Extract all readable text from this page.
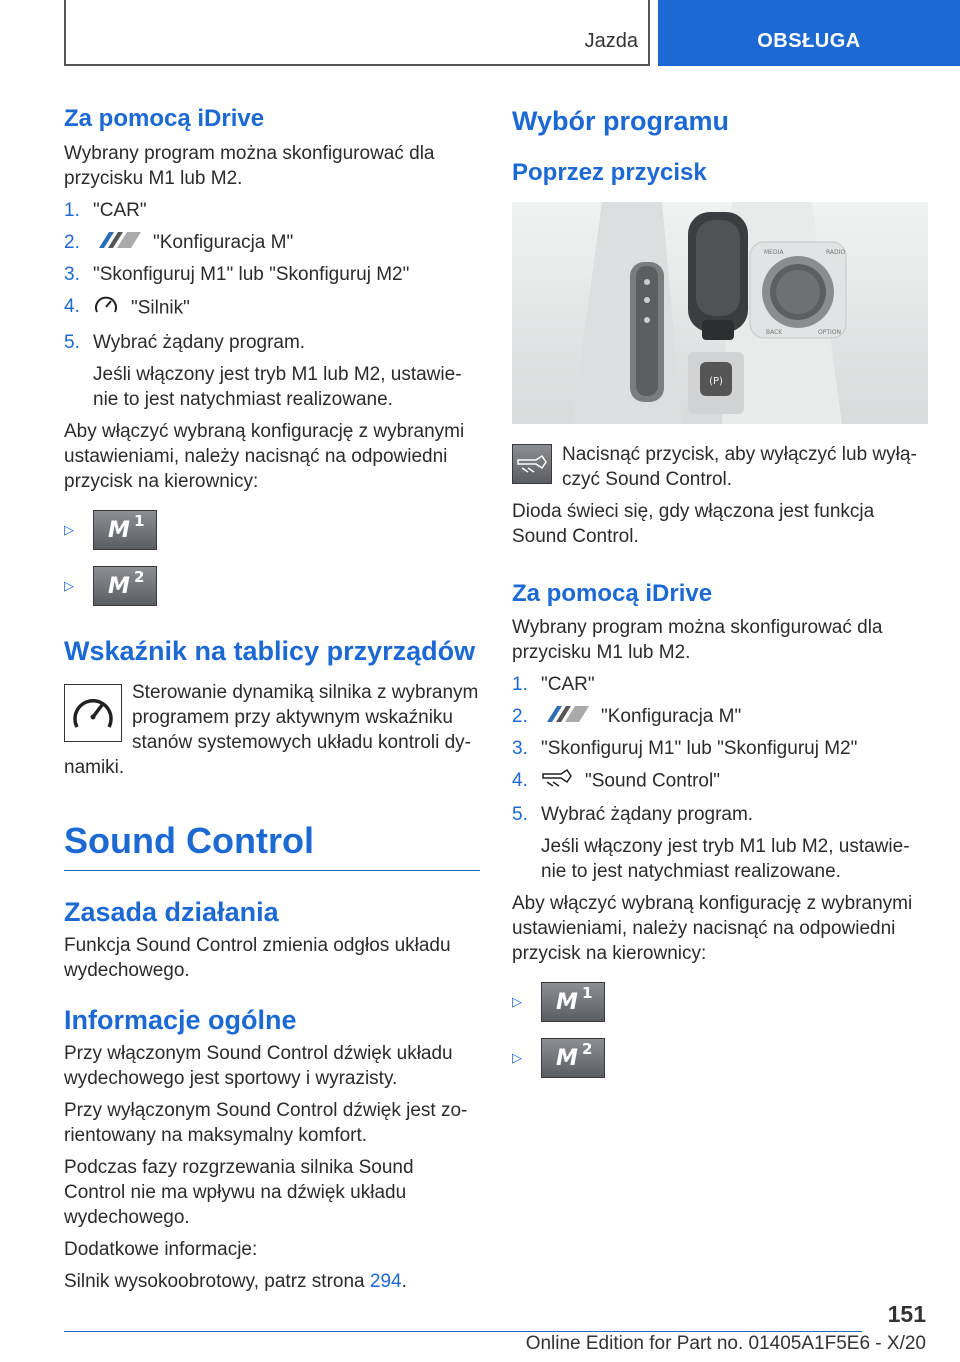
Jazda	OBSŁUGA
Za pomocą iDrive

Wybrany program można skonfigurować dla przycisku M1 lub M2.

1. "CAR"
2.	"Konfiguracja M"
3. "Skonfiguruj M1" lub "Skonfiguruj M2"
4.	"Silnik"
5. Wybrać żądany program.

Jeśli włączony jest tryb M1 lub M2, ustawie-nie to jest natychmiast realizowane.

Aby włączyć wybraną konfigurację z wybranymi ustawieniami, należy nacisnąć na odpowiedni przycisk na kierownicy:

▷	M 1
▷	M 2
Wskaźnik na tablicy przyrządów

Sterowanie dynamiką silnika z wybranym programem przy aktywnym wskaźniku stanów systemowych układu kontroli dy-namiki.

Sound Control
Zasada działania

Funkcja Sound Control zmienia odgłos układu wydechowego.

Informacje ogólne

Przy włączonym Sound Control dźwięk układu wydechowego jest sportowy i wyrazisty.

Przy wyłączonym Sound Control dźwięk jest zo-rientowany na maksymalny komfort.

Podczas fazy rozgrzewania silnika Sound Control nie ma wpływu na dźwięk układu wydechowego.

Dodatkowe informacje:

Silnik wysokoobrotowy, patrz strona 294.

Wybór programu
Poprzez przycisk
(P)
MEDIA	RADIO
BACK	OPTION

Nacisnąć przycisk, aby wyłączyć lub wyłą-czyć Sound Control.

Dioda świeci się, gdy włączona jest funkcja Sound Control.

Za pomocą iDrive

Wybrany program można skonfigurować dla przycisku M1 lub M2.

1. "CAR"
2.	"Konfiguracja M"
3. "Skonfiguruj M1" lub "Skonfiguruj M2"
4.	"Sound Control"
5. Wybrać żądany program.

Jeśli włączony jest tryb M1 lub M2, ustawie-nie to jest natychmiast realizowane.

Aby włączyć wybraną konfigurację z wybranymi ustawieniami, należy nacisnąć na odpowiedni przycisk na kierownicy:

▷	M 1
▷	M 2
151
Online Edition for Part no. 01405A1F5E6 - X/20
